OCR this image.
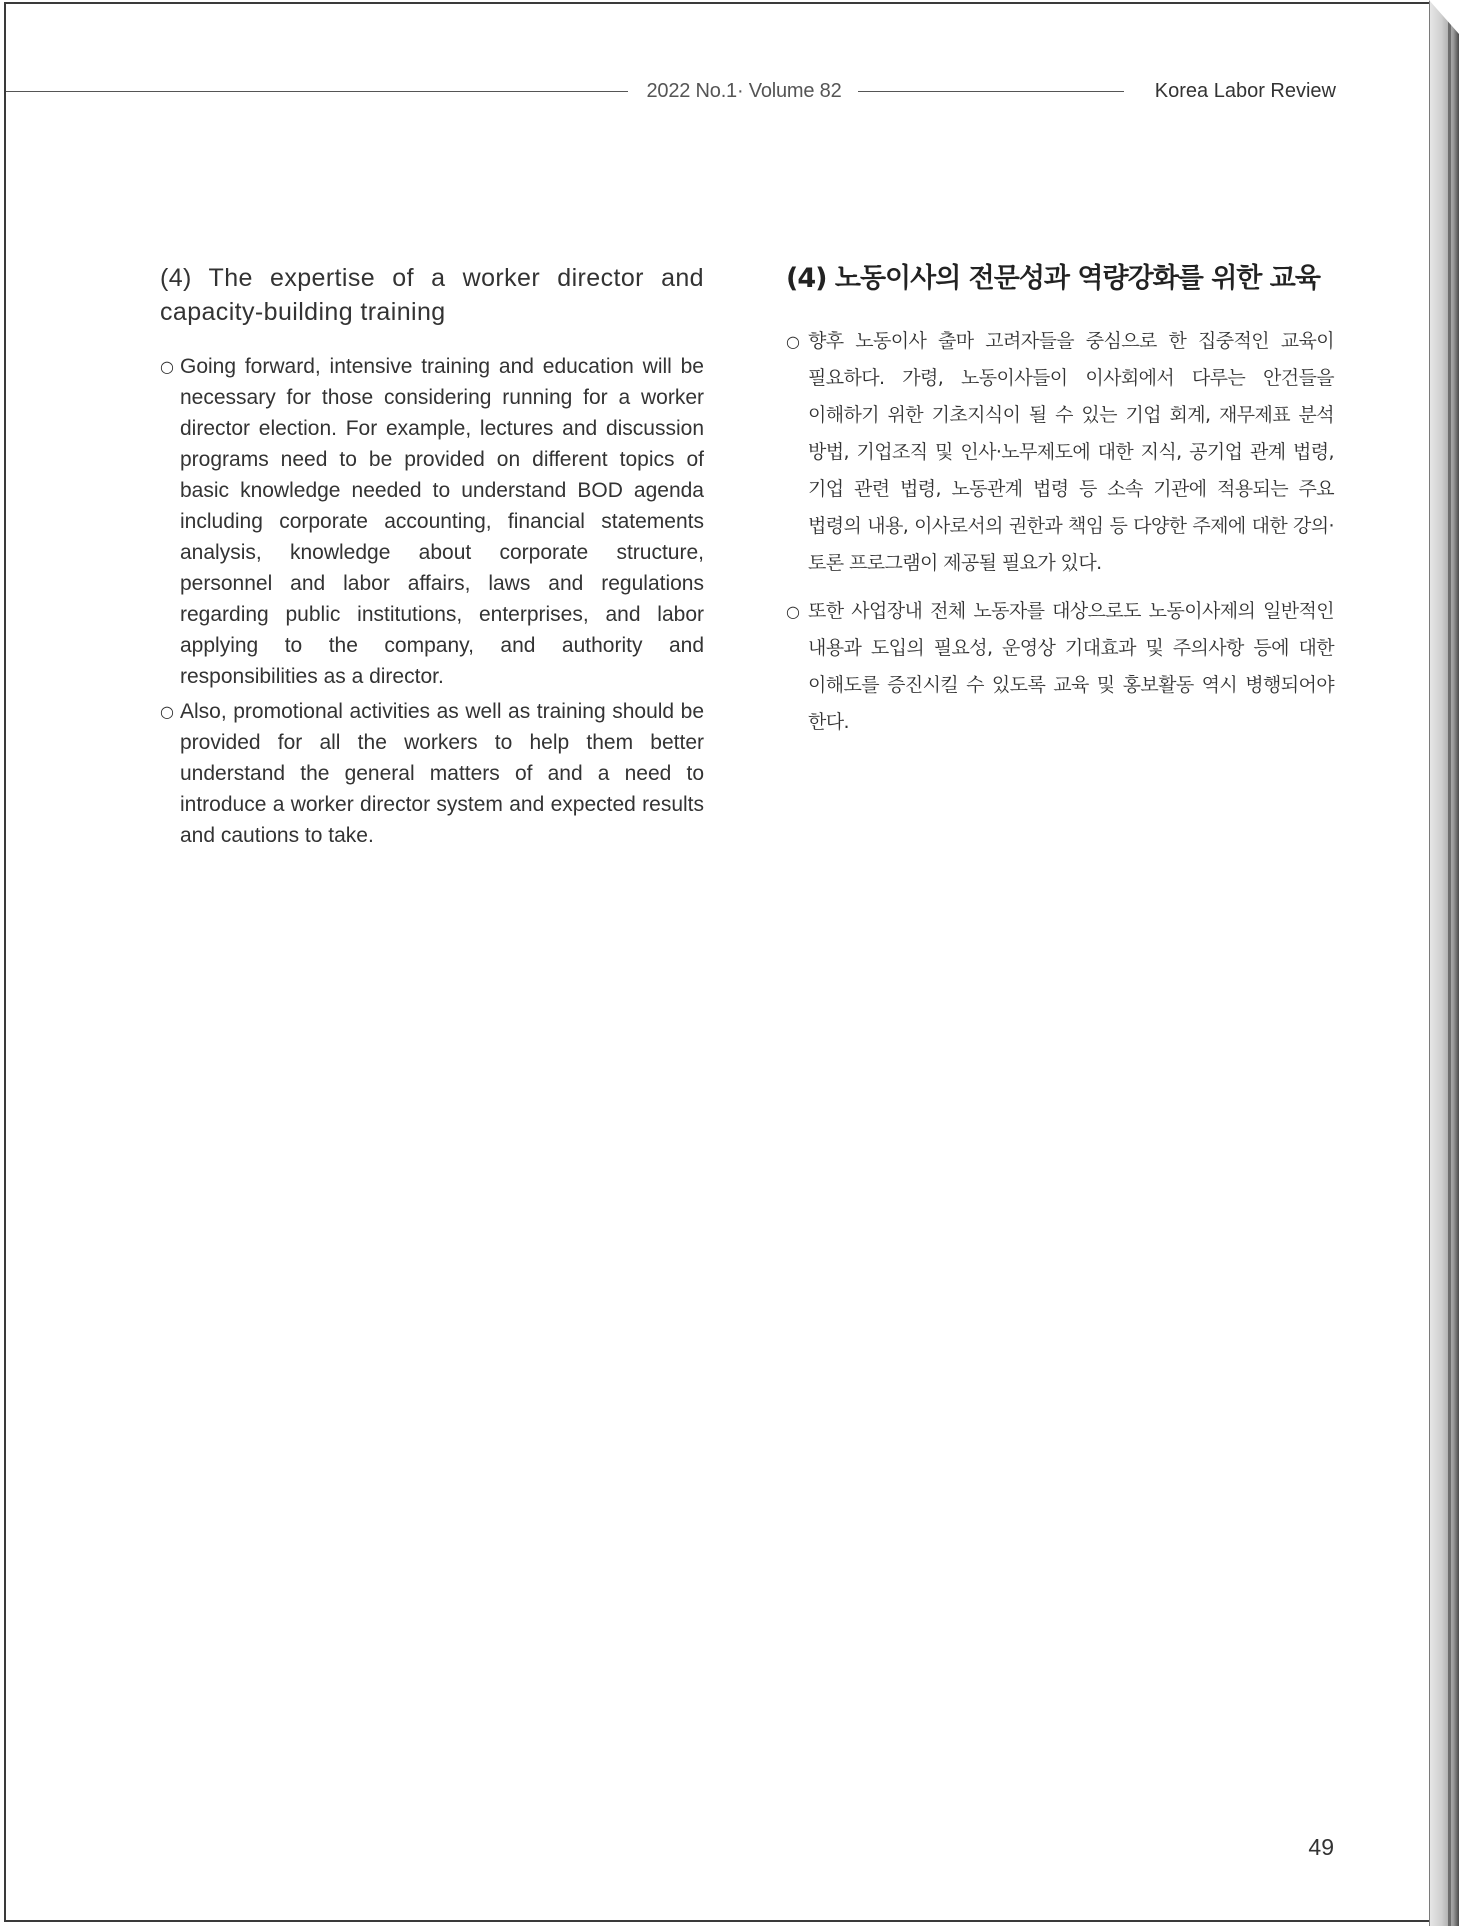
2022 No.1· Volume 82	Korea Labor Review
(4) The expertise of a worker director and capacity-building training
○ Going forward, intensive training and education will be necessary for those considering running for a worker director election. For example, lectures and discussion programs need to be provided on different topics of basic knowledge needed to understand BOD agenda including corporate accounting, financial statements analysis, knowledge about corporate structure, personnel and labor affairs, laws and regulations regarding public institutions, enterprises, and labor applying to the company, and authority and responsibilities as a director.
○ Also, promotional activities as well as training should be provided for all the workers to help them better understand the general matters of and a need to introduce a worker director system and expected results and cautions to take.
(4) 노동이사의 전문성과 역량강화를 위한 교육
○ 향후 노동이사 출마 고려자들을 중심으로 한 집중적인 교육이 필요하다. 가령, 노동이사들이 이사회에서 다루는 안건들을 이해하기 위한 기초지식이 될 수 있는 기업 회계, 재무제표 분석 방법, 기업조직 및 인사·노무제도에 대한 지식, 공기업 관계 법령, 기업 관련 법령, 노동관계 법령 등 소속 기관에 적용되는 주요 법령의 내용, 이사로서의 권한과 책임 등 다양한 주제에 대한 강의·토론 프로그램이 제공될 필요가 있다.
○ 또한 사업장내 전체 노동자를 대상으로도 노동이사제의 일반적인 내용과 도입의 필요성, 운영상 기대효과 및 주의사항 등에 대한 이해도를 증진시킬 수 있도록 교육 및 홍보활동 역시 병행되어야 한다.
49
